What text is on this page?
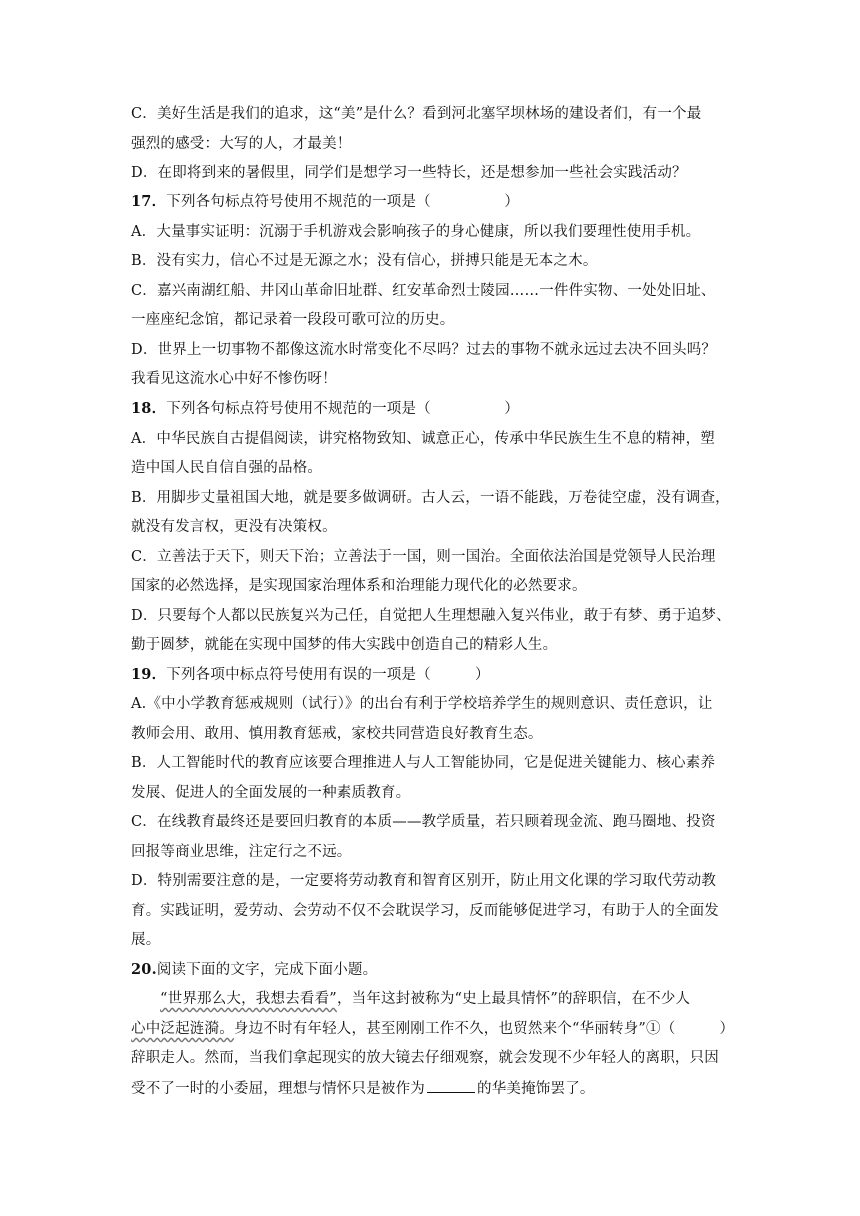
C．美好生活是我们的追求，这“美”是什么？看到河北塞罕坝林场的建设者们，有一个最
强烈的感受：大写的人，才最美！
D．在即将到来的暑假里，同学们是想学习一些特长，还是想参加一些社会实践活动？
17．下列各句标点符号使用不规范的一项是（　　　　　）
A．大量事实证明：沉溺于手机游戏会影响孩子的身心健康，所以我们要理性使用手机。
B．没有实力，信心不过是无源之水；没有信心，拼搏只能是无本之木。
C．嘉兴南湖红船、井冈山革命旧址群、红安革命烈士陵园……一件件实物、一处处旧址、
一座座纪念馆，都记录着一段段可歌可泣的历史。
D．世界上一切事物不都像这流水时常变化不尽吗？过去的事物不就永远过去决不回头吗？
我看见这流水心中好不惨伤呀！
18．下列各句标点符号使用不规范的一项是（　　　　　）
A．中华民族自古提倡阅读，讲究格物致知、诚意正心，传承中华民族生生不息的精神，塑
造中国人民自信自强的品格。
B．用脚步丈量祖国大地，就是要多做调研。古人云，一语不能践，万卷徒空虚，没有调查，
就没有发言权，更没有决策权。
C．立善法于天下，则天下治；立善法于一国，则一国治。全面依法治国是党领导人民治理
国家的必然选择，是实现国家治理体系和治理能力现代化的必然要求。
D．只要每个人都以民族复兴为己任，自觉把人生理想融入复兴伟业，敢于有梦、勇于追梦、
勤于圆梦，就能在实现中国梦的伟大实践中创造自己的精彩人生。
19．下列各项中标点符号使用有误的一项是（　　　）
A.《中小学教育惩戒规则（试行）》的出台有利于学校培养学生的规则意识、责任意识，让
教师会用、敢用、慎用教育惩戒，家校共同营造良好教育生态。
B．人工智能时代的教育应该要合理推进人与人工智能协同，它是促进关键能力、核心素养
发展、促进人的全面发展的一种素质教育。
C．在线教育最终还是要回归教育的本质——教学质量，若只顾着现金流、跑马圈地、投资
回报等商业思维，注定行之不远。
D．特别需要注意的是，一定要将劳动教育和智育区别开，防止用文化课的学习取代劳动教
育。实践证明，爱劳动、会劳动不仅不会耽误学习，反而能够促进学习，有助于人的全面发
展。
20.阅读下面的文字，完成下面小题。
“世界那么大，我想去看看”，当年这封被称为“史上最具情怀”的辞职信，在不少人
心中泛起涟漪。身边不时有年轻人，甚至刚刚工作不久，也贸然来个“华丽转身”①（　　　）
辞职走人。然而，当我们拿起现实的放大镜去仔细观察，就会发现不少年轻人的离职，只因
受不了一时的小委屈，理想与情怀只是被作为	的华美掩饰罢了。
